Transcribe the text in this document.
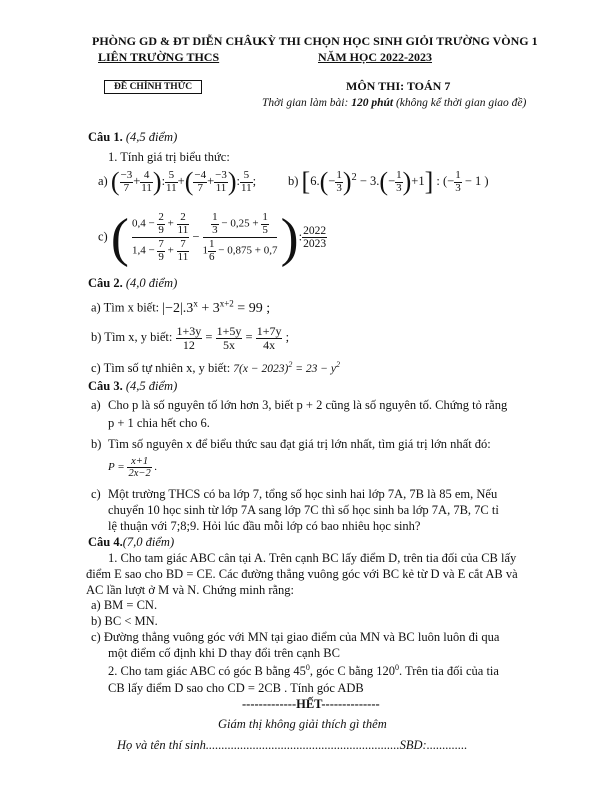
PHÒNG GD & ĐT DIỄN CHÂU
LIÊN TRƯỜNG THCS
ĐỀ CHÍNH THỨC
KỲ THI CHỌN HỌC SINH GIỎI TRƯỜNG VÒNG 1
NĂM HỌC 2022-2023
MÔN THI: TOÁN 7
Thời gian làm bài: 120 phút (không kể thời gian giao đề)
Câu 1. (4,5 điểm)
1. Tính giá trị biểu thức:
a) ( $\frac{-3}{7} + \frac{4}{11}$ ): $\frac{5}{11}$ +( $\frac{-4}{7} + \frac{-3}{11}$ ): $\frac{5}{11}$ ;	b) $[6.(- \frac{1}{3} )^2 - 3.(- \frac{1}{3} )+1]$ : (− $\frac{1}{3} - 1$ )
c) ( $\frac{0,4 - \frac{2}{9} + \frac{2}{11}}{1,4 - \frac{7}{9} + \frac{7}{11}} - \frac{\frac{1}{3} - 0,25 + \frac{1}{5}}{1 \frac{1}{6} - 0,875 + 0,7}$ ): $\frac{2022}{2023}$
Câu 2. (4,0 điểm)
a) Tìm x biết: $|-2|.3^x + 3^{x+2} = 99$ ;
b) Tìm x, y biết: $\frac{1+3y}{12} = \frac{1+5y}{5x} = \frac{1+7y}{4x}$ ;
c) Tìm số tự nhiên x, y biết: $7(x - 2023)^2 = 23 - y^2$
Câu 3. (4,5 điểm)
a) Cho p là số nguyên tố lớn hơn 3, biết p + 2 cũng là số nguyên tố. Chứng tỏ rằng
p + 1 chia hết cho 6.
b) Tìm số nguyên x để biểu thức sau đạt giá trị lớn nhất, tìm giá trị lớn nhất đó:
$P = \frac{x+1}{2x-2}$ .
c) Một trường THCS có ba lớp 7, tổng số học sinh hai lớp 7A, 7B là 85 em, Nếu
chuyển 10 học sinh từ lớp 7A sang lớp 7C thì số học sinh ba lớp 7A, 7B, 7C tỉ
lệ thuận với 7;8;9. Hỏi lúc đầu mỗi lớp có bao nhiêu học sinh?
Câu 4.(7,0 điểm)
1. Cho tam giác ABC cân tại A. Trên cạnh BC lấy điểm D, trên tia đối của CB lấy
điểm E sao cho BD = CE. Các đường thẳng vuông góc với BC kẻ từ D và E cắt AB và
AC lần lượt ở M và N. Chứng minh rằng:
a) BM = CN.
b) BC < MN.
c) Đường thẳng vuông góc với MN tại giao điểm của MN và BC luôn luôn đi qua
một điểm cố định khi D thay đổi trên cạnh BC
2. Cho tam giác ABC có góc B bằng $45^0$, góc C bằng $120^0$. Trên tia đối của tia
CB lấy điểm D sao cho CD = 2CB . Tính góc ADB
-------------HẾT--------------
Giám thị không giải thích gì thêm
Họ và tên thí sinh..............................................................SBD:.............
